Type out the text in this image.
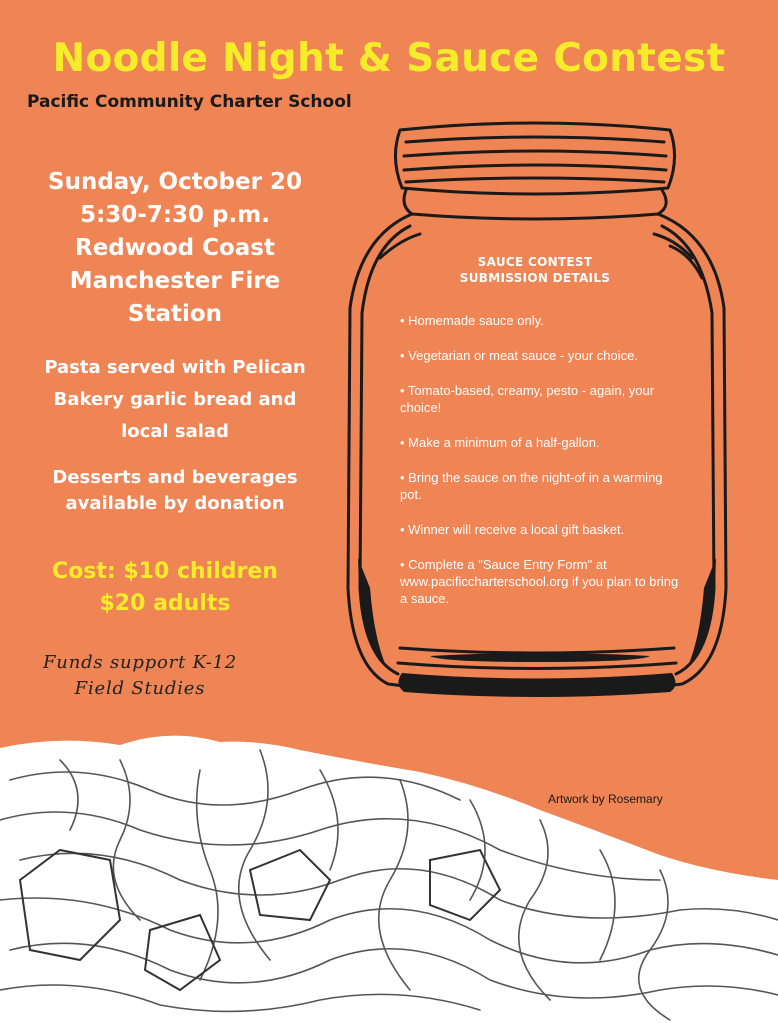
Noodle Night & Sauce Contest
Pacific Community Charter School
Sunday, October 20
5:30-7:30 p.m.
Redwood Coast
Manchester Fire
Station
Pasta served with Pelican
Bakery garlic bread and
local salad
Desserts and beverages
available by donation
Cost: $10 children
$20 adults
Funds support K-12
Field Studies
SAUCE CONTEST
SUBMISSION DETAILS
• Homemade sauce only.
• Vegetarian or meat sauce - your choice.
• Tomato-based, creamy, pesto - again, your choice!
• Make a minimum of a half-gallon.
• Bring the sauce on the night-of in a warming pot.
• Winner will receive a local gift basket.
• Complete a "Sauce Entry Form" at www.pacificcharterschool.org if you plan to bring a sauce.
Artwork by Rosemary
